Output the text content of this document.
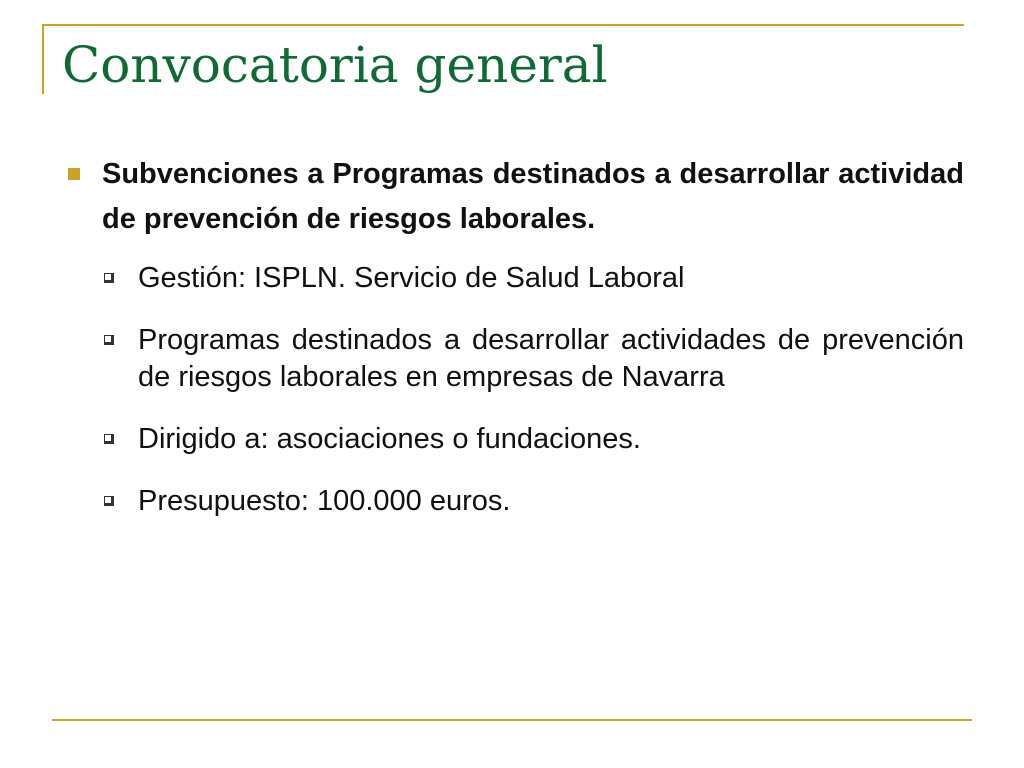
Convocatoria general
Subvenciones a Programas destinados a desarrollar actividad de prevención de riesgos laborales.
Gestión: ISPLN. Servicio de Salud Laboral
Programas destinados a desarrollar actividades de prevención de riesgos laborales en empresas de Navarra
Dirigido a: asociaciones o fundaciones.
Presupuesto: 100.000 euros.
